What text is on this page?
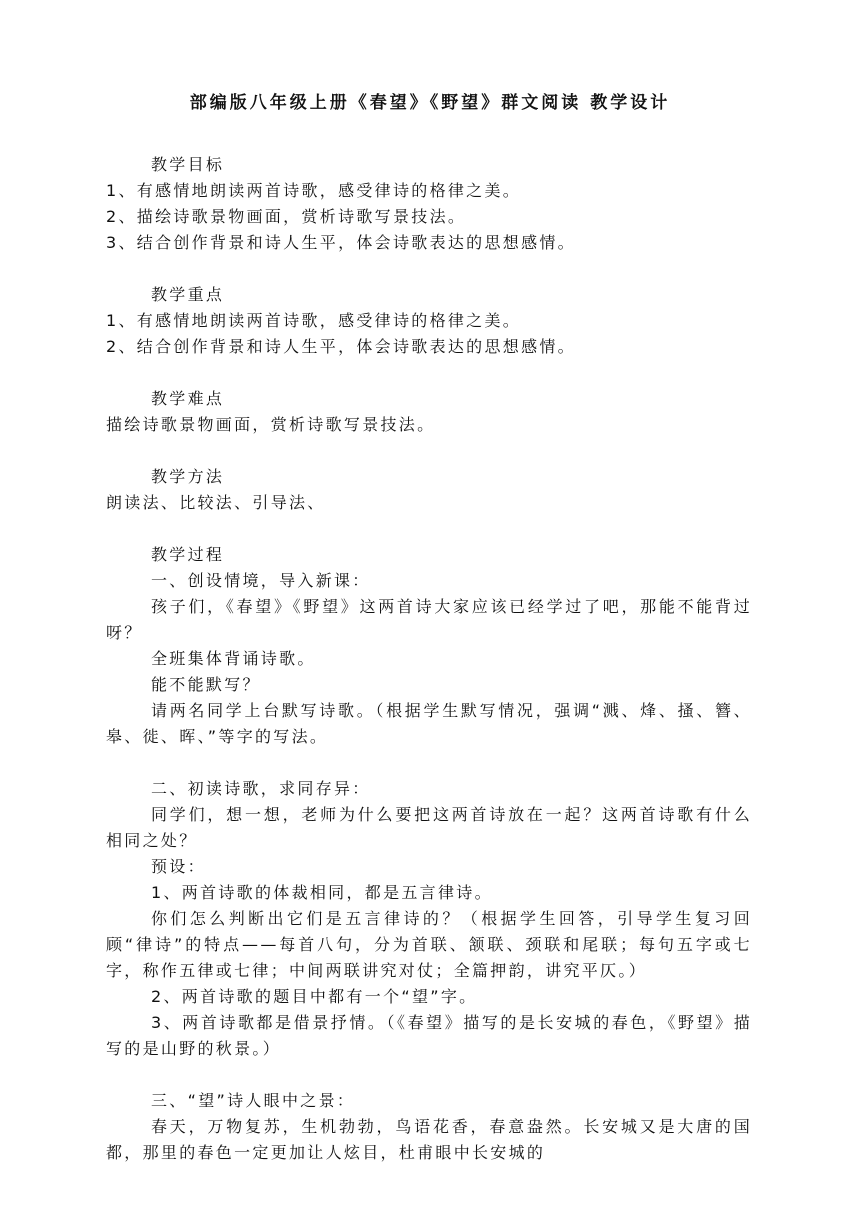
部编版八年级上册《春望》《野望》群文阅读 教学设计
教学目标
1、有感情地朗读两首诗歌，感受律诗的格律之美。
2、描绘诗歌景物画面，赏析诗歌写景技法。
3、结合创作背景和诗人生平，体会诗歌表达的思想感情。
教学重点
1、有感情地朗读两首诗歌，感受律诗的格律之美。
2、结合创作背景和诗人生平，体会诗歌表达的思想感情。
教学难点
描绘诗歌景物画面，赏析诗歌写景技法。
教学方法
朗读法、比较法、引导法、
教学过程
一、创设情境，导入新课：
孩子们，《春望》《野望》这两首诗大家应该已经学过了吧，那能不能背过呀？
全班集体背诵诗歌。
能不能默写？
请两名同学上台默写诗歌。（根据学生默写情况，强调“溅、烽、搔、簪、皋、徙、晖、”等字的写法。
二、初读诗歌，求同存异：
同学们，想一想，老师为什么要把这两首诗放在一起？这两首诗歌有什么相同之处？
预设：
1、两首诗歌的体裁相同，都是五言律诗。
你们怎么判断出它们是五言律诗的？（根据学生回答，引导学生复习回顾“律诗”的特点——每首八句，分为首联、颔联、颈联和尾联；每句五字或七字，称作五律或七律；中间两联讲究对仗；全篇押韵，讲究平仄。）
2、两首诗歌的题目中都有一个“望”字。
3、两首诗歌都是借景抒情。（《春望》描写的是长安城的春色，《野望》描写的是山野的秋景。）
三、“望”诗人眼中之景：
春天，万物复苏，生机勃勃，鸟语花香，春意盎然。长安城又是大唐的国都，那里的春色一定更加让人炫目，杜甫眼中长安城的
